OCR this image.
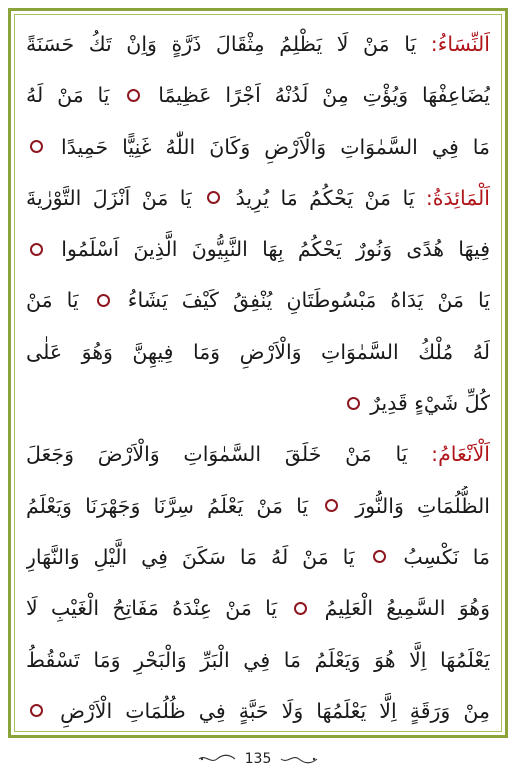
اَلنِّسَاءُ: يَا مَنْ لَا يَظْلِمُ مِثْقَالَ ذَرَّةٍ وَاِنْ تَكُ حَسَنَةً
يُضَاعِفْهَا وَيُؤْتِ مِنْ لَدُنْهُ اَجْرًا عَظِيمًا  يَا مَنْ لَهُ
مَا فِي السَّمٰوَاتِ وَالْاَرْضِ وَكَانَ اللّٰهُ غَنِيًّا حَمِيدًا
اَلْمَائِدَةُ: يَا مَنْ يَحْكُمُ مَا يُرِيدُ  يَا مَنْ اَنْزَلَ التَّوْرٰيةَ
فِيهَا هُدًى وَنُورٌ يَحْكُمُ بِهَا النَّبِيُّونَ الَّذِينَ اَسْلَمُوا
يَا مَنْ يَدَاهُ مَبْسُوطَتَانِ يُنْفِقُ كَيْفَ يَشَاءُ  يَا مَنْ
لَهُ مُلْكُ السَّمٰوَاتِ وَالْاَرْضِ وَمَا فِيهِنَّ وَهُوَ عَلٰى
كُلِّ شَيْءٍ قَدِيرٌ
اَلْاَنْعَامُ: يَا مَنْ خَلَقَ السَّمٰوَاتِ وَالْاَرْضَ وَجَعَلَ
الظُّلُمَاتِ وَالنُّورَ  يَا مَنْ يَعْلَمُ سِرَّنَا وَجَهْرَنَا وَيَعْلَمُ
مَا نَكْسِبُ  يَا مَنْ لَهُ مَا سَكَنَ فِي الَّيْلِ وَالنَّهَارِ
وَهُوَ السَّمِيعُ الْعَلِيمُ  يَا مَنْ عِنْدَهُ مَفَاتِحُ الْغَيْبِ لَا
يَعْلَمُهَا اِلَّا هُوَ وَيَعْلَمُ مَا فِي الْبَرِّ وَالْبَحْرِ وَمَا تَسْقُطُ
مِنْ وَرَقَةٍ اِلَّا يَعْلَمُهَا وَلَا حَبَّةٍ فِي ظُلُمَاتِ الْاَرْضِ
135
